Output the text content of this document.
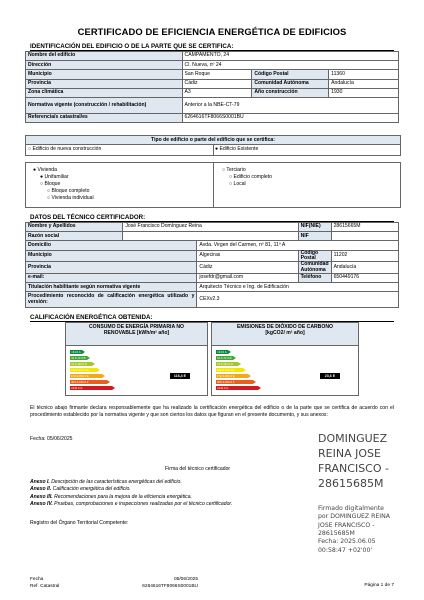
CERTIFICADO DE EFICIENCIA ENERGÉTICA DE EDIFICIOS
IDENTIFICACIÓN DEL EDIFICIO O DE LA PARTE QUE SE CERTIFICA:
Nombre del edificio	CAMPAMENTO, 24		
Dirección	Cl. Nueva, nº 24		
Municipio	San Roque	Código Postal	11360
Provincia	Cádiz	Comunidad Autónoma	Andalucía
Zona climática	A3	Año construcción	1930
Normativa vigente (construcción / rehabilitación)	Anterior a la NBE-CT-79		
Referencia/s catastral/es	6264616TF8066S0001BU		
Tipo de edificio o parte del edificio que se certifica:
○ Edificio de nueva construcción	● Edificio Existente
● Vivienda
● Unifamiliar
○ Bloque
○ Bloque completo
○ Vivienda individual
○ Terciario
○ Edificio completo
○ Local
DATOS DEL TÉCNICO CERTIFICADOR:
Nombre y Apellidos	José Francisco Domínguez Reina		NIF(NIE)	28615665M
Razón social			NIF	
Domicilio		Avda. Virgen del Carmen, nº 81, 11º A		
Municipio		Algeciras	Código Postal	11202
Provincia		Cádiz	Comunidad Autónoma	Andalucía
e-mail:		josefdr@gmail.com	Teléfono	650449176
Titulación habilitante según normativa vigente		Arquitecto Técnico e Ing. de Edificación		
Procedimiento reconocido de calificación energética utilizado y versión:		CEXv2.3		
CALIFICACIÓN ENERGÉTICA OBTENIDA:
CONSUMO DE ENERGÍA PRIMARIA NO RENOVABLE [kWh/m² año]
<44.6 A
44.6-72.3 B
72.3-112.0 C
112.0-172.3 D
172.3-300.4 E
300.4-344.0 F
≥344.0 G
116,4 E
EMISIONES DE DIÓXIDO DE CARBONO [kgCO2/ m² año]
<44.6 A
44.6-72.3 B
72.3-112.0 C
112.0-172.3 D
172.3-300.4 E
300.4-344.0 F
≥344.0 G
23,6 E
El técnico abajo firmante declara responsablemente que ha realizado la certificación energética del edificio o de la parte que se certifica de acuerdo con el procedimiento establecido por la normativa vigente y que son ciertos los datos que figuran en el presente documento, y sus anexos:
Fecha: 05/06/2025
Firma del técnico certificador
Anexo I. Descripción de las características energéticas del edificio.
Anexo II. Calificación energética del edificio.
Anexo III. Recomendaciones para la mejora de la eficiencia energética.
Anexo IV. Pruebas, comprobaciones e inspecciones realizadas por el técnico certificador.
Registro del Órgano Territorial Competente:
DOMINGUEZ
REINA JOSE
FRANCISCO -
28615685M
Firmado digitalmente
por DOMINGUEZ REINA
JOSE FRANCISCO -
28615685M
Fecha: 2025.06.05
00:58:47 +02'00'
Fecha
Ref. Catastral
05/06/2025
6264616TF8066S0001BU	Página 1 de 7
